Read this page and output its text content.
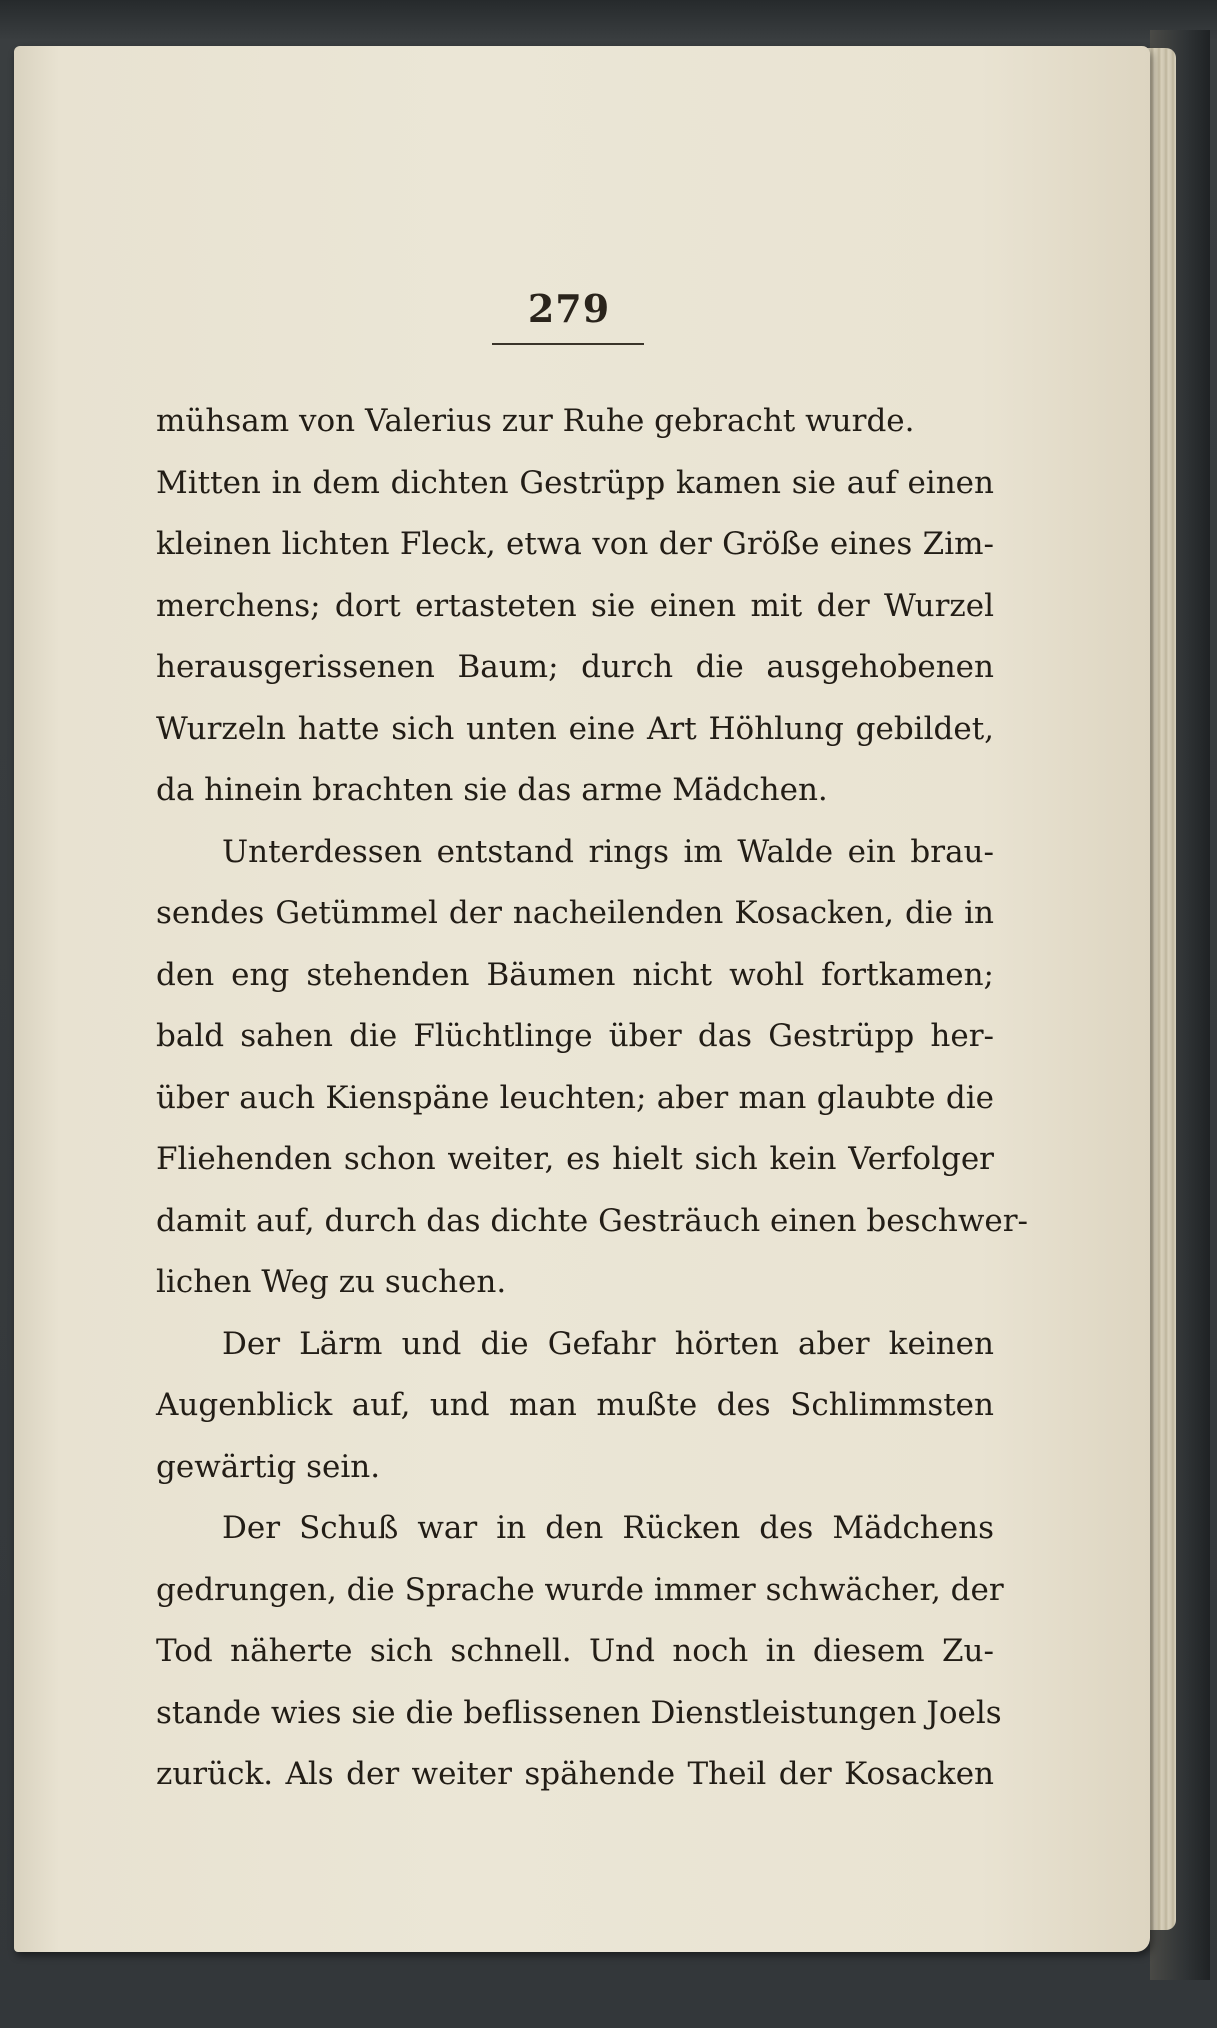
279
mühsam von Valerius zur Ruhe gebracht wurde.
Mitten in dem dichten Gestrüpp kamen sie auf einen
kleinen lichten Fleck, etwa von der Größe eines Zim-
merchens; dort ertasteten sie einen mit der Wurzel
herausgerissenen Baum; durch die ausgehobenen
Wurzeln hatte sich unten eine Art Höhlung gebildet,
da hinein brachten sie das arme Mädchen.
Unterdessen entstand rings im Walde ein brau-
sendes Getümmel der nacheilenden Kosacken, die in
den eng stehenden Bäumen nicht wohl fortkamen;
bald sahen die Flüchtlinge über das Gestrüpp her-
über auch Kienspäne leuchten; aber man glaubte die
Fliehenden schon weiter, es hielt sich kein Verfolger
damit auf, durch das dichte Gesträuch einen beschwer-
lichen Weg zu suchen.
Der Lärm und die Gefahr hörten aber keinen
Augenblick auf, und man mußte des Schlimmsten
gewärtig sein.
Der Schuß war in den Rücken des Mädchens
gedrungen, die Sprache wurde immer schwächer, der
Tod näherte sich schnell. Und noch in diesem Zu-
stande wies sie die beflissenen Dienstleistungen Joels
zurück. Als der weiter spähende Theil der Kosacken
